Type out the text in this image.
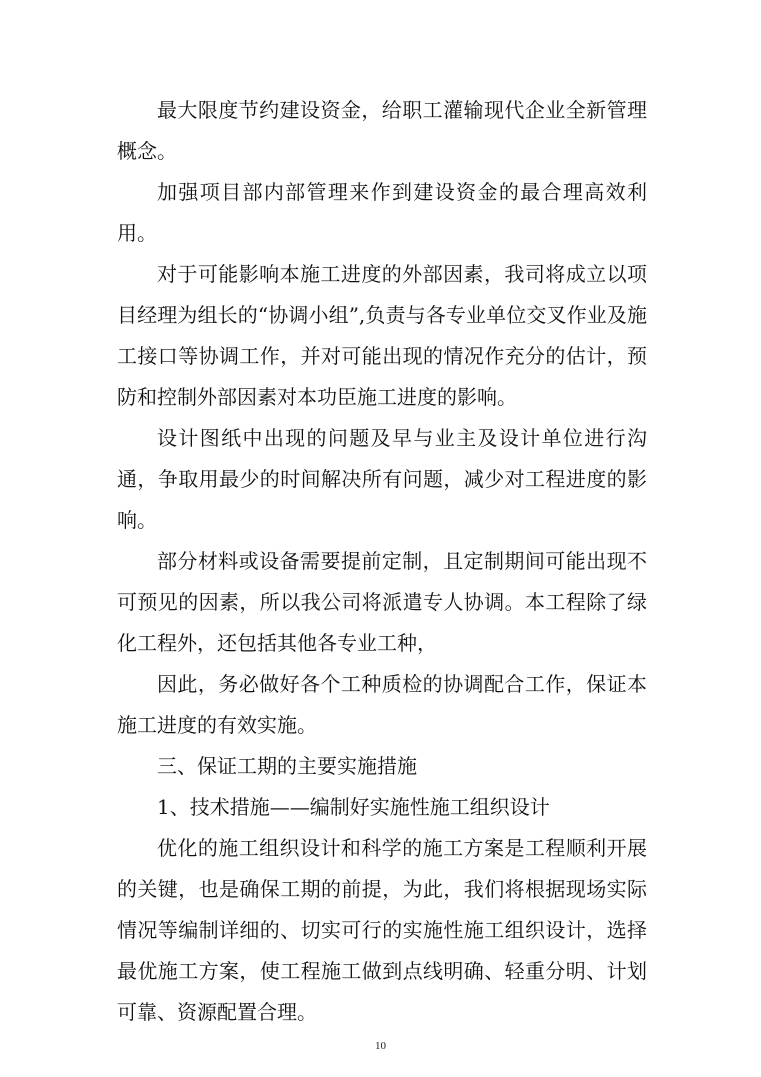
最大限度节约建设资金，给职工灌输现代企业全新管理概念。

加强项目部内部管理来作到建设资金的最合理高效利用。

对于可能影响本施工进度的外部因素，我司将成立以项目经理为组长的“协调小组”,负责与各专业单位交叉作业及施工接口等协调工作，并对可能出现的情况作充分的估计，预防和控制外部因素对本功臣施工进度的影响。

设计图纸中出现的问题及早与业主及设计单位进行沟通，争取用最少的时间解决所有问题，减少对工程进度的影响。

部分材料或设备需要提前定制，且定制期间可能出现不可预见的因素，所以我公司将派遣专人协调。本工程除了绿化工程外，还包括其他各专业工种，

因此，务必做好各个工种质检的协调配合工作，保证本施工进度的有效实施。

三、保证工期的主要实施措施

1、技术措施——编制好实施性施工组织设计

优化的施工组织设计和科学的施工方案是工程顺利开展的关键，也是确保工期的前提，为此，我们将根据现场实际情况等编制详细的、切实可行的实施性施工组织设计，选择最优施工方案，使工程施工做到点线明确、轻重分明、计划可靠、资源配置合理。

10
